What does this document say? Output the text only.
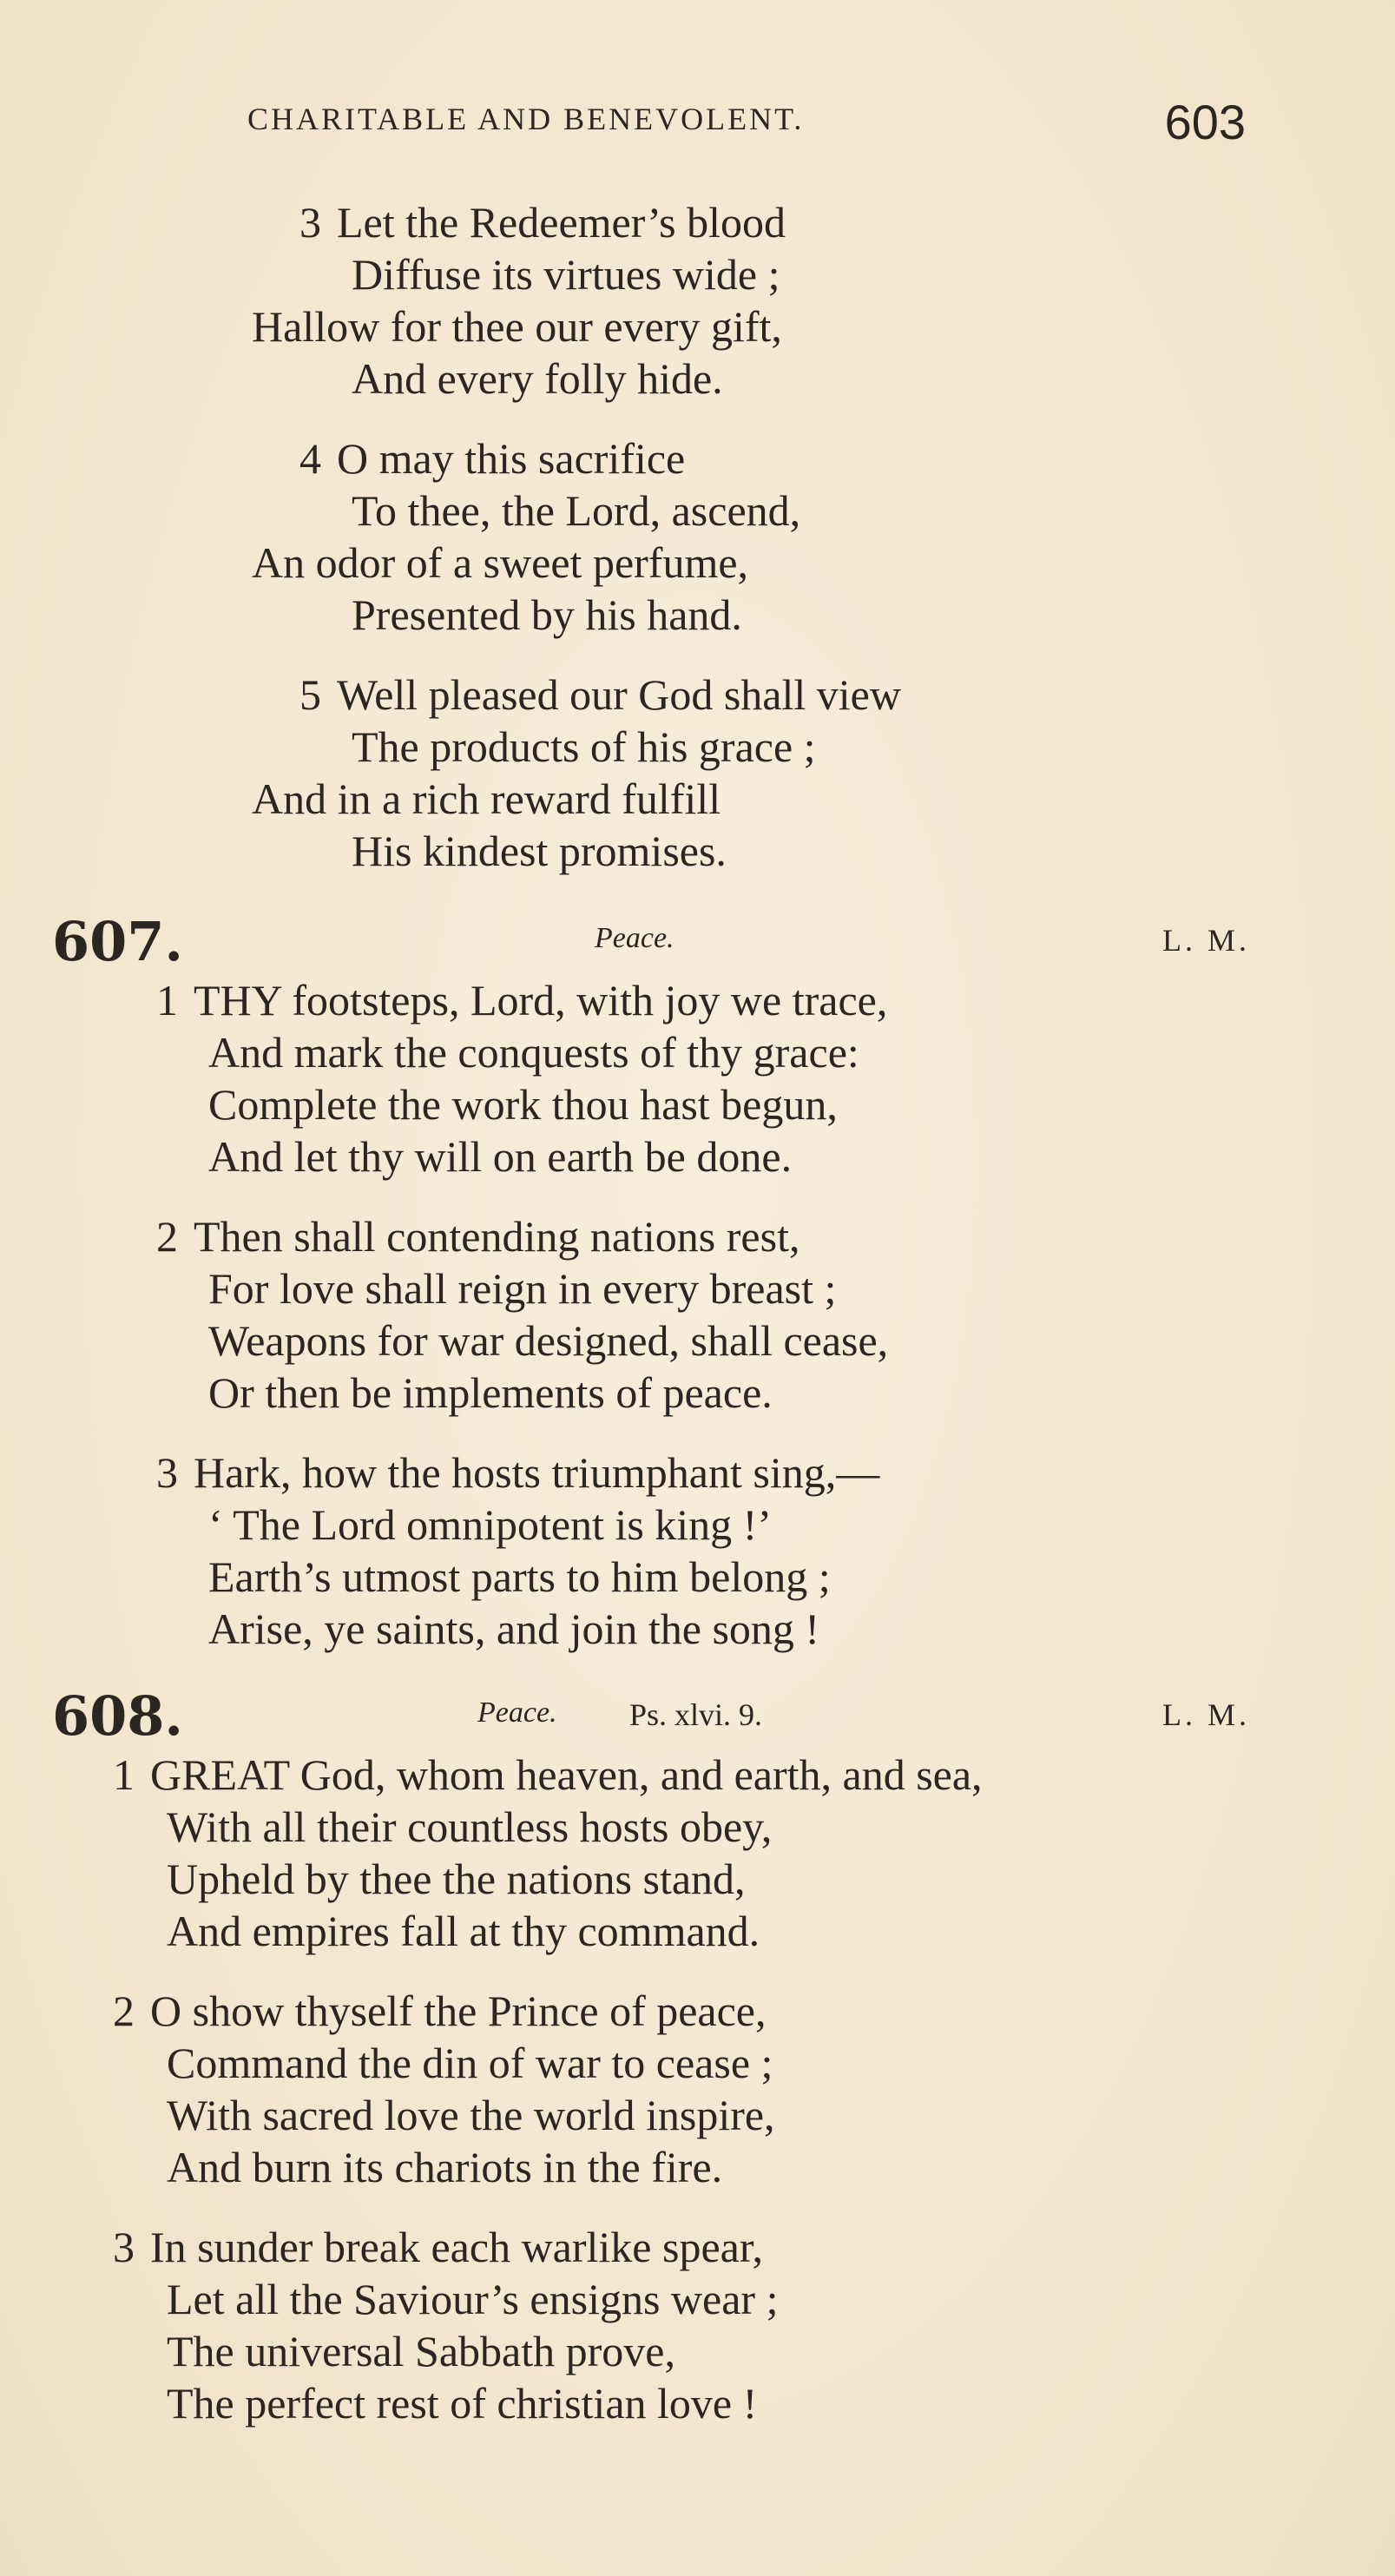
CHARITABLE AND BENEVOLENT.	603
3 Let the Redeemer’s blood
Diffuse its virtues wide ;
Hallow for thee our every gift,
And every folly hide.
4 O may this sacrifice
To thee, the Lord, ascend,
An odor of a sweet perfume,
Presented by his hand.
5 Well pleased our God shall view
The products of his grace ;
And in a rich reward fulfill
His kindest promises.
607.	Peace.	L. M.
1 THY footsteps, Lord, with joy we trace,
And mark the conquests of thy grace:
Complete the work thou hast begun,
And let thy will on earth be done.
2 Then shall contending nations rest,
For love shall reign in every breast ;
Weapons for war designed, shall cease,
Or then be implements of peace.
3 Hark, how the hosts triumphant sing,—
‘ The Lord omnipotent is king !’
Earth’s utmost parts to him belong ;
Arise, ye saints, and join the song !
608.	Peace. Ps. xlvi. 9.	L. M.
1 GREAT God, whom heaven, and earth, and sea,
With all their countless hosts obey,
Upheld by thee the nations stand,
And empires fall at thy command.
2 O show thyself the Prince of peace,
Command the din of war to cease ;
With sacred love the world inspire,
And burn its chariots in the fire.
3 In sunder break each warlike spear,
Let all the Saviour’s ensigns wear ;
The universal Sabbath prove,
The perfect rest of christian love !
